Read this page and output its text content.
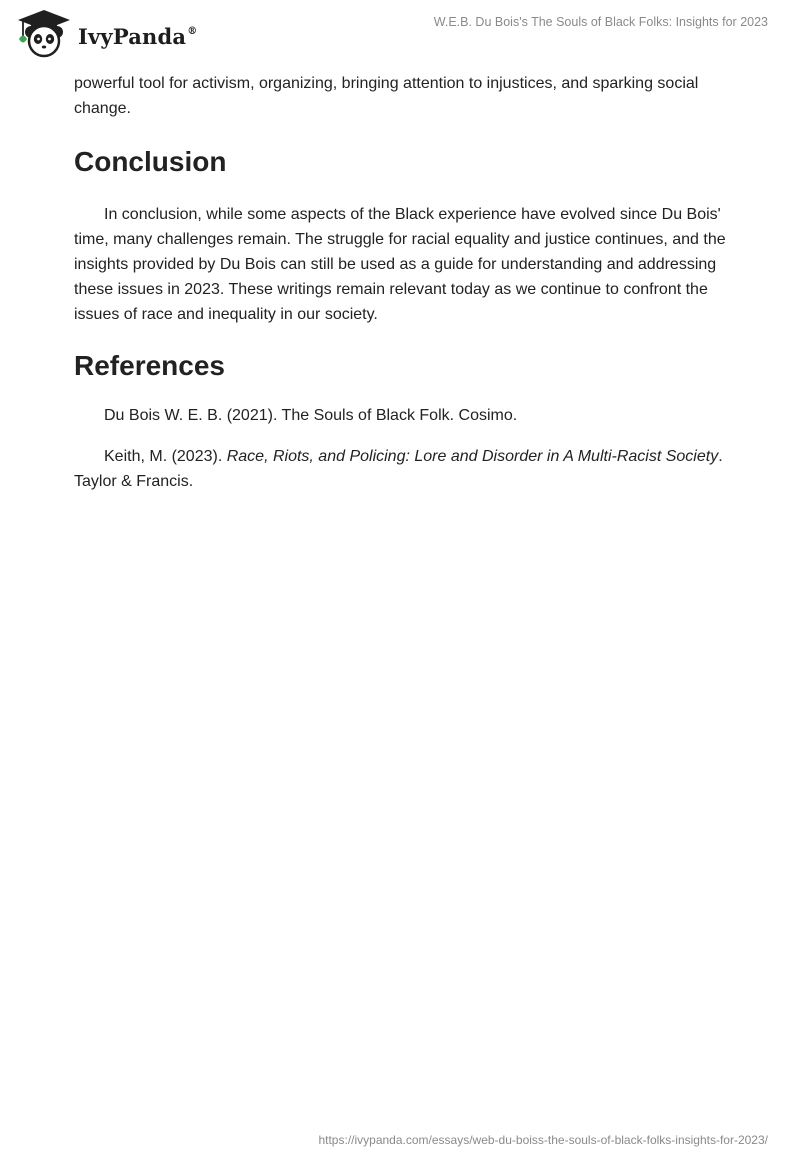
IvyPanda®
W.E.B. Du Bois's The Souls of Black Folks: Insights for 2023

powerful tool for activism, organizing, bringing attention to injustices, and sparking social change.

Conclusion

In conclusion, while some aspects of the Black experience have evolved since Du Bois' time, many challenges remain. The struggle for racial equality and justice continues, and the insights provided by Du Bois can still be used as a guide for understanding and addressing these issues in 2023. These writings remain relevant today as we continue to confront the issues of race and inequality in our society.

References

Du Bois W. E. B. (2021). The Souls of Black Folk. Cosimo.

Keith, M. (2023). Race, Riots, and Policing: Lore and Disorder in A Multi-Racist Society. Taylor & Francis.

https://ivypanda.com/essays/web-du-boiss-the-souls-of-black-folks-insights-for-2023/
